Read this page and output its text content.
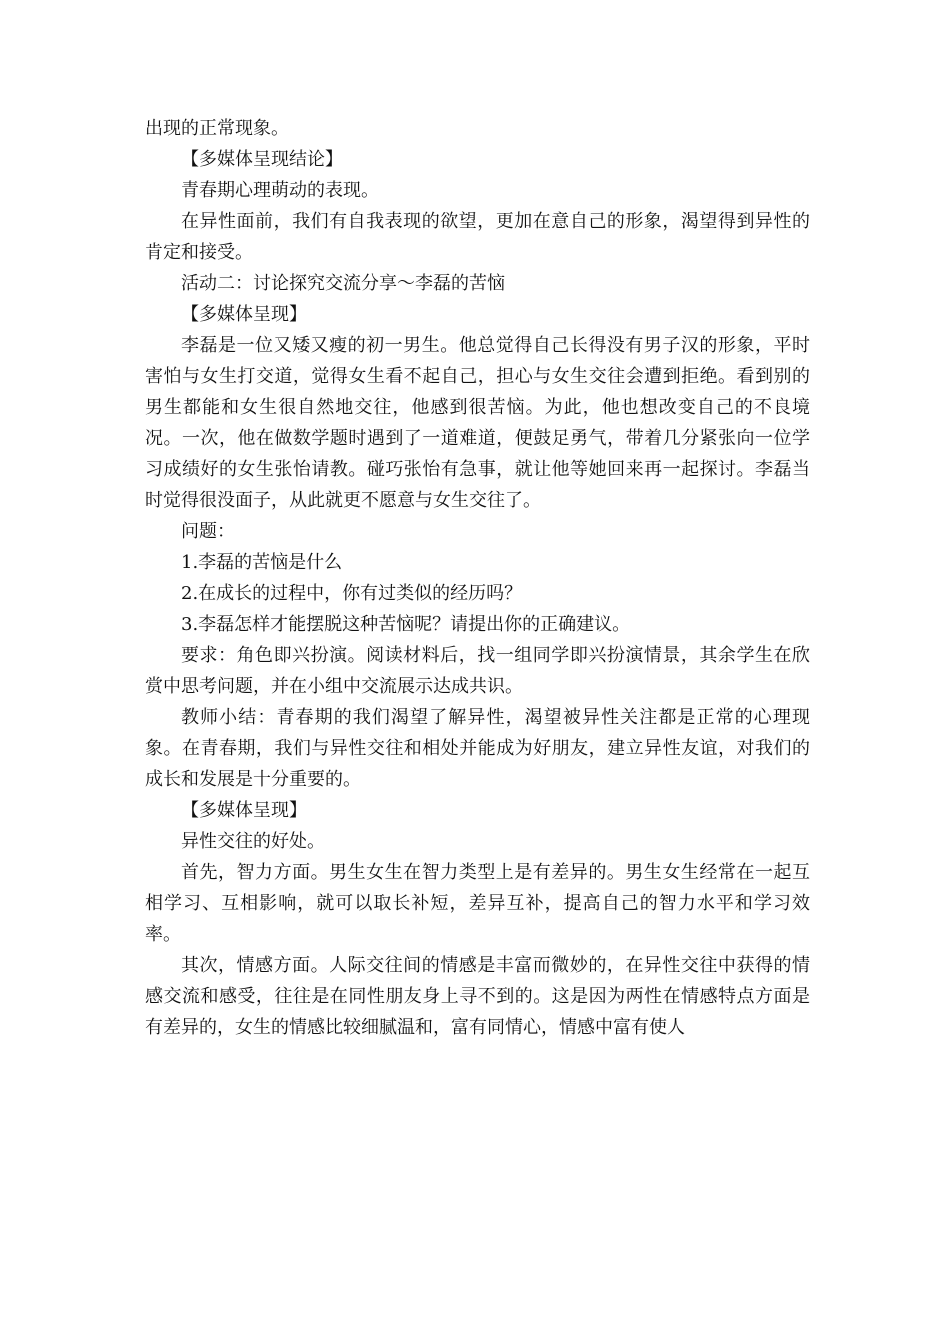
出现的正常现象。

【多媒体呈现结论】

青春期心理萌动的表现。

在异性面前，我们有自我表现的欲望，更加在意自己的形象，渴望得到异性的肯定和接受。

活动二：讨论探究交流分享～李磊的苦恼

【多媒体呈现】

李磊是一位又矮又瘦的初一男生。他总觉得自己长得没有男子汉的形象，平时害怕与女生打交道，觉得女生看不起自己，担心与女生交往会遭到拒绝。看到别的男生都能和女生很自然地交往，他感到很苦恼。为此，他也想改变自己的不良境况。一次，他在做数学题时遇到了一道难道，便鼓足勇气，带着几分紧张向一位学习成绩好的女生张怡请教。碰巧张怡有急事，就让他等她回来再一起探讨。李磊当时觉得很没面子，从此就更不愿意与女生交往了。

问题：

1.李磊的苦恼是什么

2.在成长的过程中，你有过类似的经历吗？

3.李磊怎样才能摆脱这种苦恼呢？请提出你的正确建议。

要求：角色即兴扮演。阅读材料后，找一组同学即兴扮演情景，其余学生在欣赏中思考问题，并在小组中交流展示达成共识。

教师小结：青春期的我们渴望了解异性，渴望被异性关注都是正常的心理现象。在青春期，我们与异性交往和相处并能成为好朋友，建立异性友谊，对我们的成长和发展是十分重要的。

【多媒体呈现】

异性交往的好处。

首先，智力方面。男生女生在智力类型上是有差异的。男生女生经常在一起互相学习、互相影响，就可以取长补短，差异互补，提高自己的智力水平和学习效率。

其次，情感方面。人际交往间的情感是丰富而微妙的，在异性交往中获得的情感交流和感受，往往是在同性朋友身上寻不到的。这是因为两性在情感特点方面是有差异的，女生的情感比较细腻温和，富有同情心，情感中富有使人
